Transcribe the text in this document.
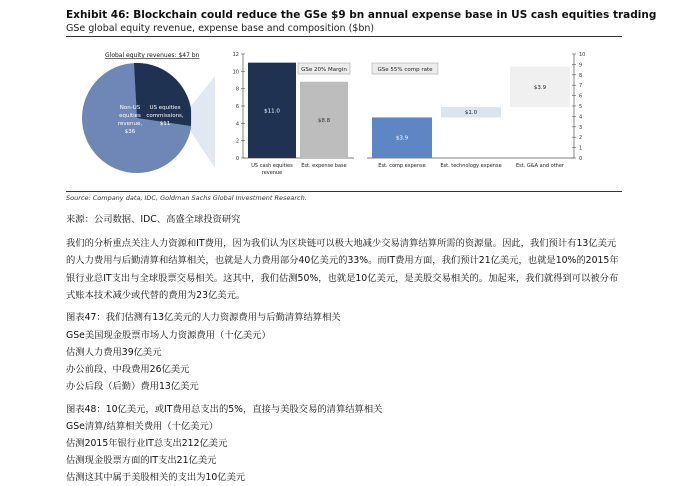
Exhibit 46: Blockchain could reduce the GSe $9 bn annual expense base in US cash equities trading
GSe global equity revenue, expense base and composition ($bn)
Global equity revenues: $47 bn
Non-US
equities
revenue,
$36
US equities
commissions,
$11
0
2
4
6
8
10
12
$11.0
$8.8
GSe 20% Margin
US cash equities
revenue
Est. expense base
0
1
2
3
4
5
6
7
8
9
10
GSe 55% comp rate
$3.9
$1.0
$3.9
Est. comp expense	Est. technology expense	Est. G&A and other
Source: Company data, IDC, Goldman Sachs Global Investment Research.
来源：公司数据、IDC、高盛全球投资研究
我们的分析重点关注人力资源和IT费用，因为我们认为区块链可以极大地减少交易清算结算所需的资源量。因此，我们预计有13亿美元的人力费用与后勤清算和结算相关，也就是人力费用部分40亿美元的33%。而IT费用方面，我们预计21亿美元，也就是10%的2015年银行业总IT支出与全球股票交易相关。这其中，我们估测50%，也就是10亿美元，是美股交易相关的。加起来，我们就得到可以被分布式账本技术减少或代替的费用为23亿美元。
图表47：我们估测有13亿美元的人力资源费用与后勤清算结算相关
GSe美国现金股票市场人力资源费用（十亿美元）
估测人力费用39亿美元
办公前段、中段费用26亿美元
办公后段（后勤）费用13亿美元
图表48：10亿美元，或IT费用总支出的5%，直接与美股交易的清算结算相关
GSe清算/结算相关费用（十亿美元）
估测2015年银行业IT总支出212亿美元
估测现金股票方面的IT支出21亿美元
估测这其中属于美股相关的支出为10亿美元
